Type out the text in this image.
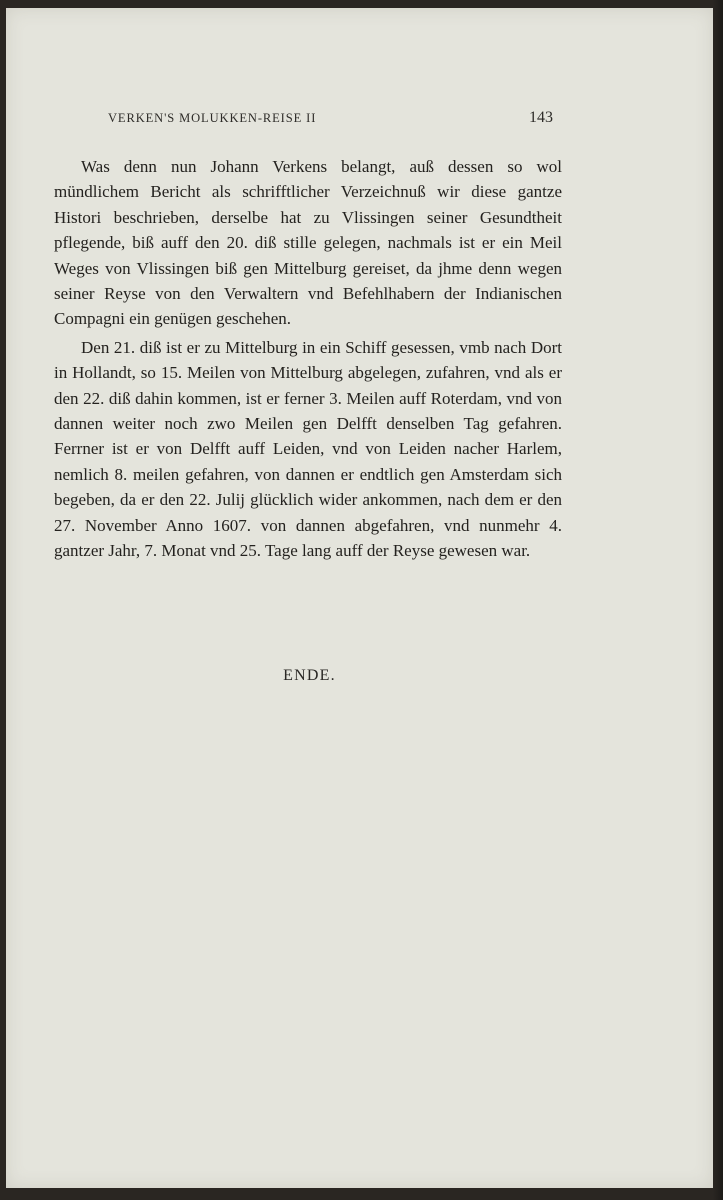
VERKEN'S MOLUKKEN-REISE II	143

Was denn nun Johann Verkens belangt, auß dessen so wol mündlichem Bericht als schrifftlicher Verzeichnuß wir diese gantze Histori beschrieben, derselbe hat zu Vlissingen seiner Gesundtheit pflegende, biß auff den 20. diß stille gelegen, nachmals ist er ein Meil Weges von Vlissingen biß gen Mittelburg gereiset, da jhme denn wegen seiner Reyse von den Verwaltern vnd Befehlhabern der Indianischen Compagni ein genügen geschehen.

Den 21. diß ist er zu Mittelburg in ein Schiff gesessen, vmb nach Dort in Hollandt, so 15. Meilen von Mittelburg abgelegen, zufahren, vnd als er den 22. diß dahin kommen, ist er ferner 3. Meilen auff Roterdam, vnd von dannen weiter noch zwo Meilen gen Delfft denselben Tag gefahren. Ferrner ist er von Delfft auff Leiden, vnd von Leiden nacher Harlem, nemlich 8. meilen gefahren, von dannen er endtlich gen Amsterdam sich begeben, da er den 22. Julij glücklich wider ankommen, nach dem er den 27. November Anno 1607. von dannen abgefahren, vnd nunmehr 4. gantzer Jahr, 7. Monat vnd 25. Tage lang auff der Reyse gewesen war.

ENDE.
